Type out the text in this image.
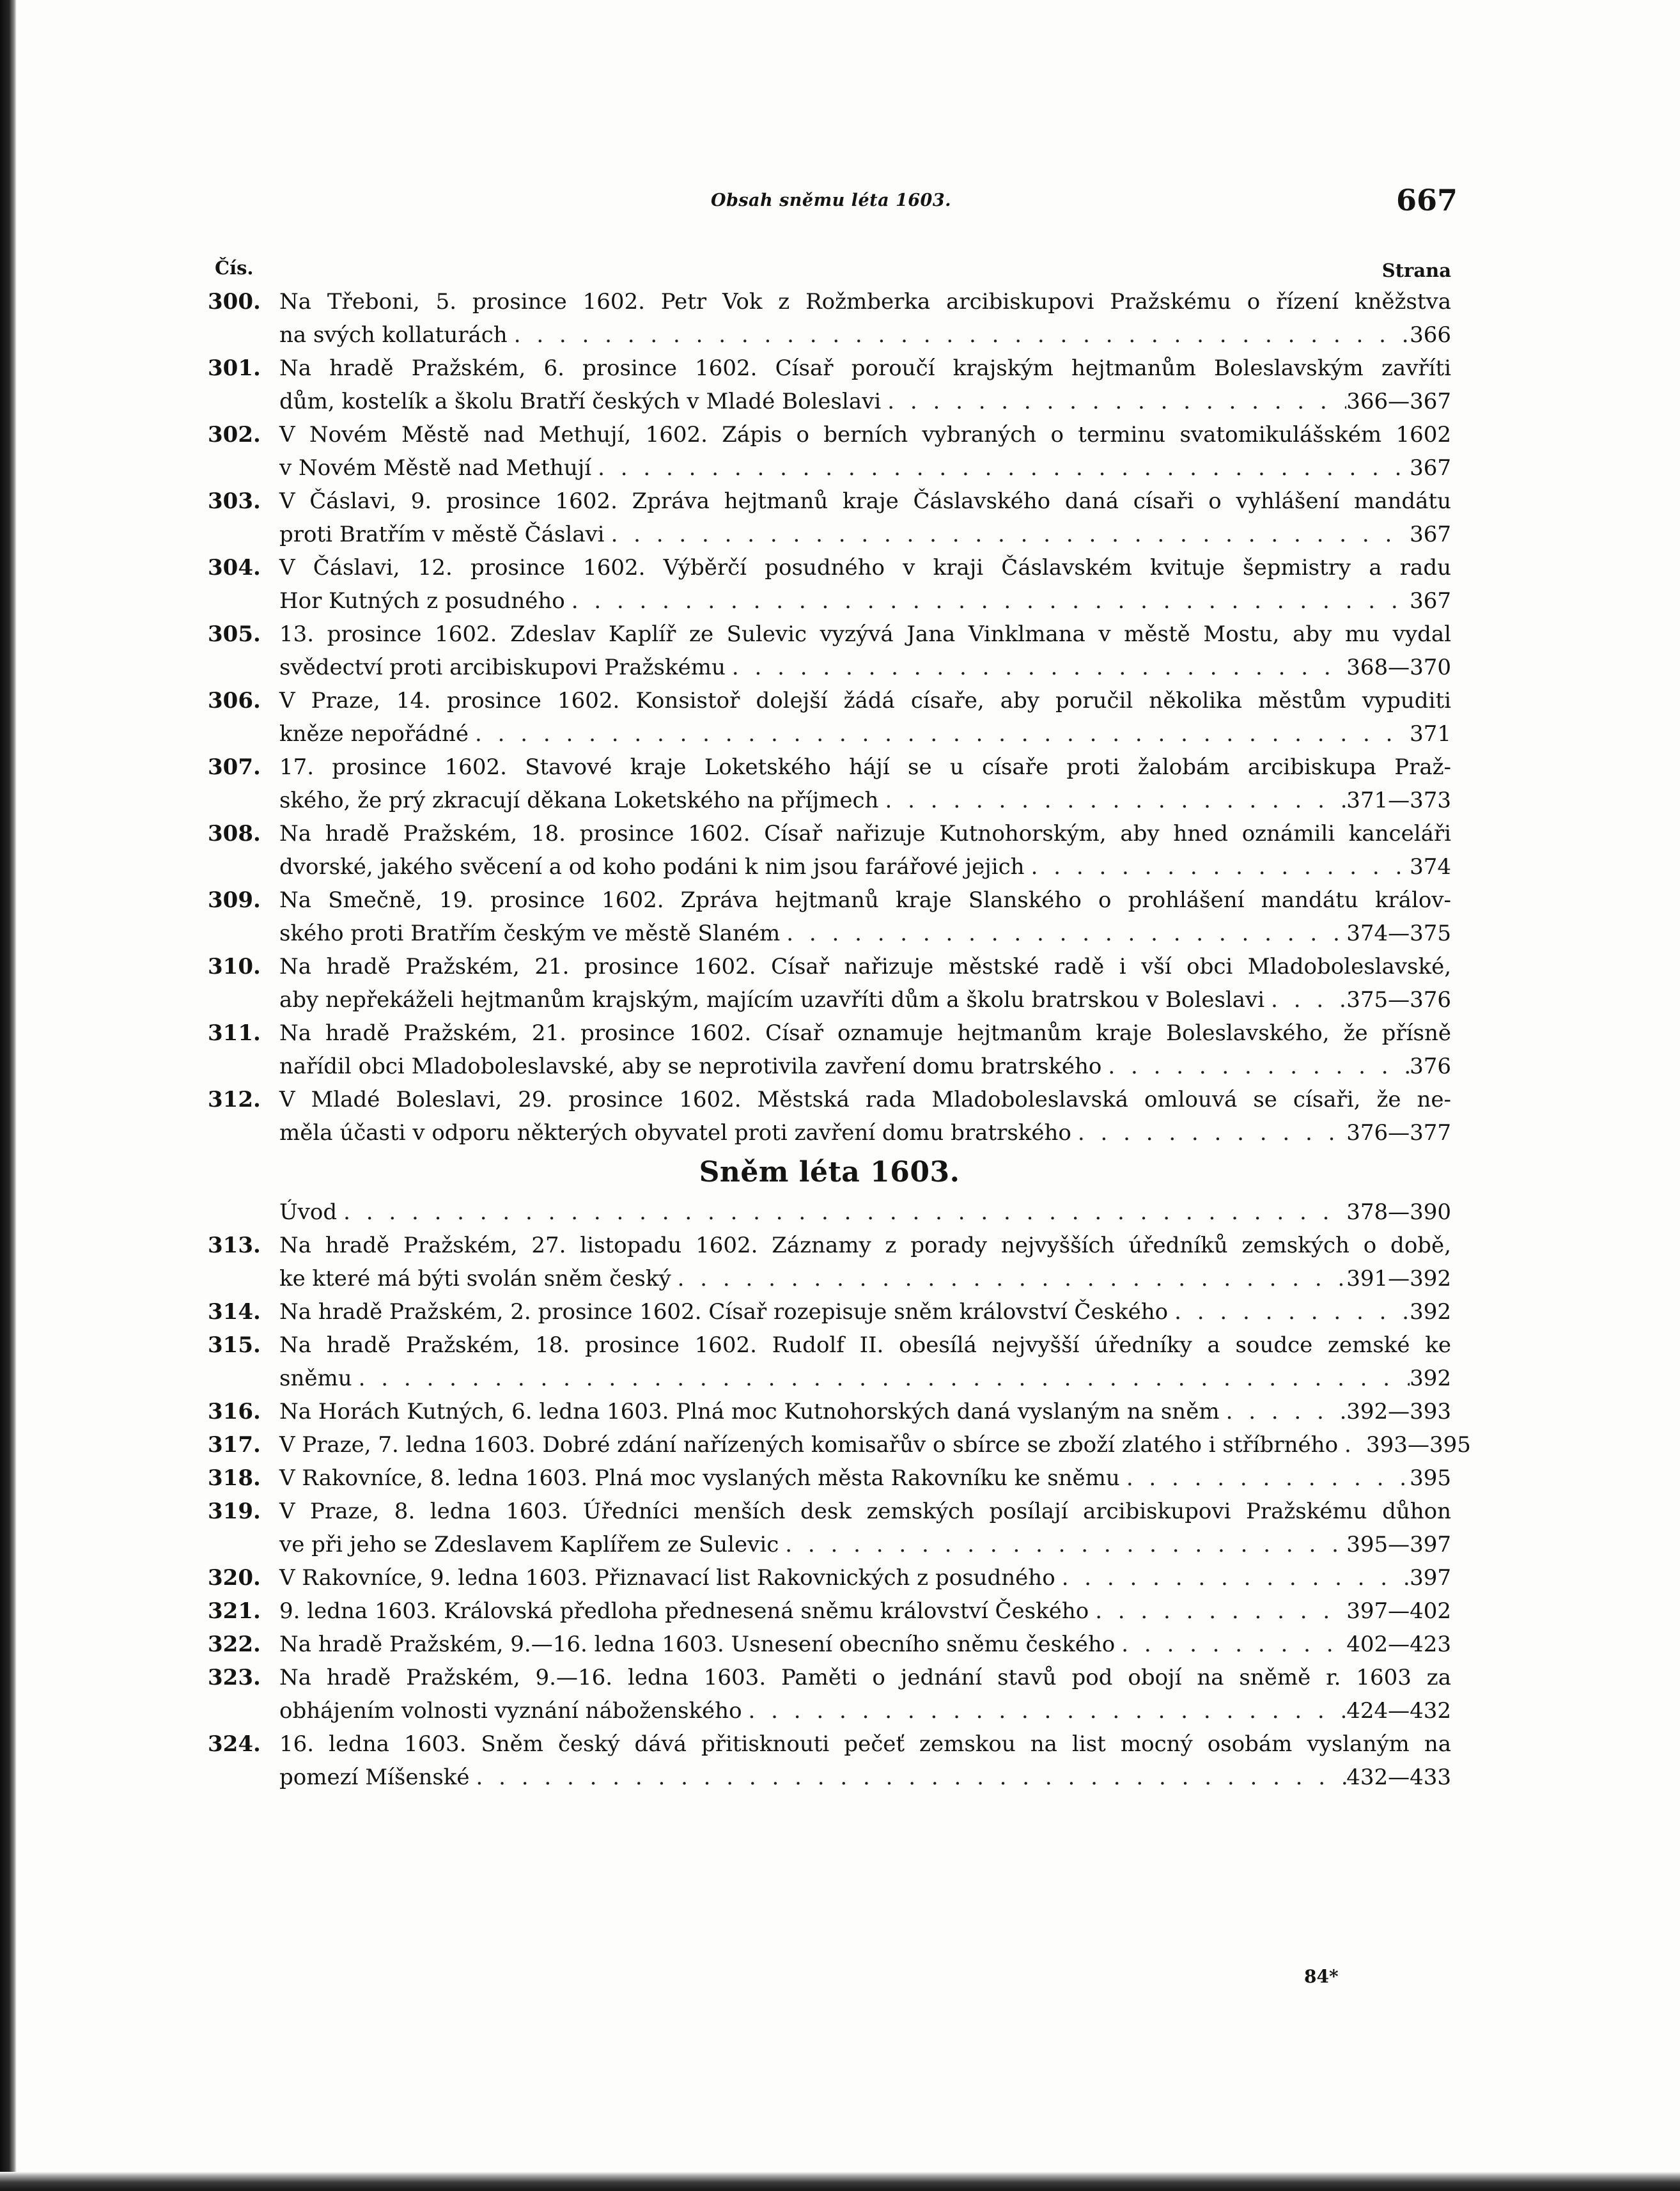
Obsah sněmu léta 1603.	667
Čís.	Strana
300. Na Třeboni, 5. prosince 1602. Petr Vok z Rožmberka arcibiskupovi Pražskému o řízení kněžstva
na svých kollaturách . . .	366
301. Na hradě Pražském, 6. prosince 1602. Císař poroučí krajským hejtmanům Boleslavským zavříti
dům, kostelík a školu Bratří českých v Mladé Boleslavi . . .	366—367
302. V Novém Městě nad Methují, 1602. Zápis o berních vybraných o terminu svatomikulášském 1602
v Novém Městě nad Methují . . .	367
303. V Čáslavi, 9. prosince 1602. Zpráva hejtmanů kraje Čáslavského daná císaři o vyhlášení mandátu
proti Bratřím v městě Čáslavi . . .	367
304. V Čáslavi, 12. prosince 1602. Výběrčí posudného v kraji Čáslavském kvituje šepmistry a radu
Hor Kutných z posudného . . .	367
305. 13. prosince 1602. Zdeslav Kaplíř ze Sulevic vyzývá Jana Vinklmana v městě Mostu, aby mu vydal
svědectví proti arcibiskupovi Pražskému . . .	368—370
306. V Praze, 14. prosince 1602. Konsistoř dolejší žádá císaře, aby poručil několika městům vypuditi
kněze nepořádné . . .	371
307. 17. prosince 1602. Stavové kraje Loketského hájí se u císaře proti žalobám arcibiskupa Praž-
ského, že prý zkracují děkana Loketského na příjmech . . .	371—373
308. Na hradě Pražském, 18. prosince 1602. Císař nařizuje Kutnohorským, aby hned oznámili kanceláři
dvorské, jakého svěcení a od koho podáni k nim jsou farářové jejich . . .	374
309. Na Smečně, 19. prosince 1602. Zpráva hejtmanů kraje Slanského o prohlášení mandátu králov-
ského proti Bratřím českým ve městě Slaném . . .	374—375
310. Na hradě Pražském, 21. prosince 1602. Císař nařizuje městské radě i vší obci Mladoboleslavské,
aby nepřekáželi hejtmanům krajským, majícím uzavříti dům a školu bratrskou v Boleslavi . . .	375—376
311. Na hradě Pražském, 21. prosince 1602. Císař oznamuje hejtmanům kraje Boleslavského, že přísně
nařídil obci Mladoboleslavské, aby se neprotivila zavření domu bratrského . . .	376
312. V Mladé Boleslavi, 29. prosince 1602. Městská rada Mladoboleslavská omlouvá se císaři, že ne-
měla účasti v odporu některých obyvatel proti zavření domu bratrského . . .	376—377
Sněm léta 1603.
Úvod . . .	378—390
313. Na hradě Pražském, 27. listopadu 1602. Záznamy z porady nejvyšších úředníků zemských o době,
ke které má býti svolán sněm český . . .	391—392
314. Na hradě Pražském, 2. prosince 1602. Císař rozepisuje sněm království Českého . . .	392
315. Na hradě Pražském, 18. prosince 1602. Rudolf II. obesílá nejvyšší úředníky a soudce zemské ke
sněmu . . .	392
316. Na Horách Kutných, 6. ledna 1603. Plná moc Kutnohorských daná vyslaným na sněm . . .	392—393
317. V Praze, 7. ledna 1603. Dobré zdání nařízených komisařův o sbírce se zboží zlatého i stříbrného . . . 393—395
318. V Rakovníce, 8. ledna 1603. Plná moc vyslaných města Rakovníku ke sněmu . . .	395
319. V Praze, 8. ledna 1603. Úředníci menších desk zemských posílají arcibiskupovi Pražskému důhon
ve při jeho se Zdeslavem Kaplířem ze Sulevic . . .	395—397
320. V Rakovníce, 9. ledna 1603. Přiznavací list Rakovnických z posudného . . .	397
321. 9. ledna 1603. Královská předloha přednesená sněmu království Českého . . .	397—402
322. Na hradě Pražském, 9.—16. ledna 1603. Usnesení obecního sněmu českého . . .	402—423
323. Na hradě Pražském, 9.—16. ledna 1603. Paměti o jednání stavů pod obojí na sněmě r. 1603 za
obhájením volnosti vyznání náboženského . . .	424—432
324. 16. ledna 1603. Sněm český dává přitisknouti pečeť zemskou na list mocný osobám vyslaným na
pomezí Míšenské . . .	432—433
84*
